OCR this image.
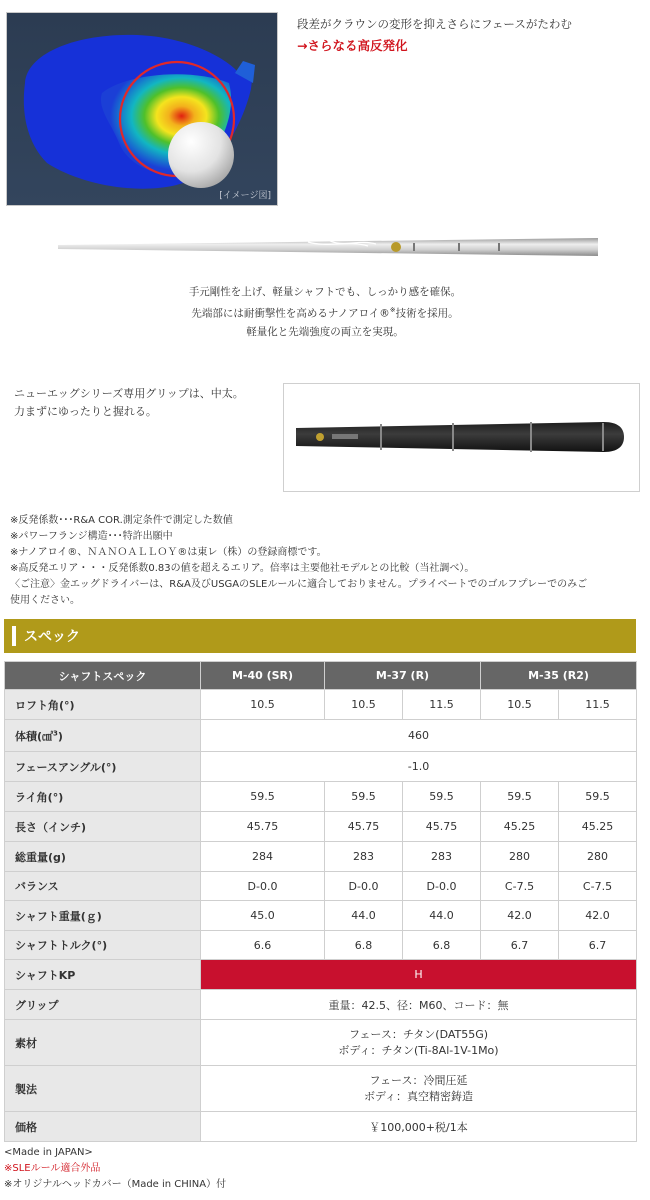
[イメージ図]
段差がクラウンの変形を抑えさらにフェースがたわむ
→さらなる高反発化
手元剛性を上げ、軽量シャフトでも、しっかり感を確保。
先端部には耐衝撃性を高めるナノアロイ®※技術を採用。
軽量化と先端強度の両立を実現。
ニューエッグシリーズ専用グリップは、中太。
力まずにゆったりと握れる。
※反発係数･･･R&A COR.測定条件で測定した数値
※パワーフランジ構造･･･特許出願中
※ナノアロイ®、ＮＡＮＯＡＬＬＯＹ®は東レ（株）の登録商標です。
※高反発エリア・・・反発係数0.83の値を超えるエリア。倍率は主要他社モデルとの比較（当社調べ）。
〈ご注意〉金エッグドライバーは、R&A及びUSGAのSLEルールに適合しておりません。プライベートでのゴルフプレーでのみご
使用ください。
スペック
シャフトスペック	M-40 (SR)	M-37 (R)		M-35 (R2)	
ロフト角(°)	10.5	10.5	11.5	10.5	11.5
体積(㎤$^3$)	460				
フェースアングル(°)	-1.0				
ライ角(°)	59.5	59.5	59.5	59.5	59.5
長さ（インチ)	45.75	45.75	45.75	45.25	45.25
総重量(g)	284	283	283	280	280
バランス	D-0.0	D-0.0	D-0.0	C-7.5	C-7.5
シャフト重量(ｇ)	45.0	44.0	44.0	42.0	42.0
シャフトトルク(°)	6.6	6.8	6.8	6.7	6.7
シャフトKP	H				
グリップ	重量：42.5、径：M60、コード：無				
素材	フェース：チタン(DAT55G)
ボディ：チタン(Ti-8Al-1V-1Mo)				

製法	フェース：冷間圧延
ボディ：真空精密鋳造				

価格	￥100,000+税/1本				
<Made in JAPAN>
※SLEルール適合外品
※オリジナルヘッドカバー（Made in CHINA）付
